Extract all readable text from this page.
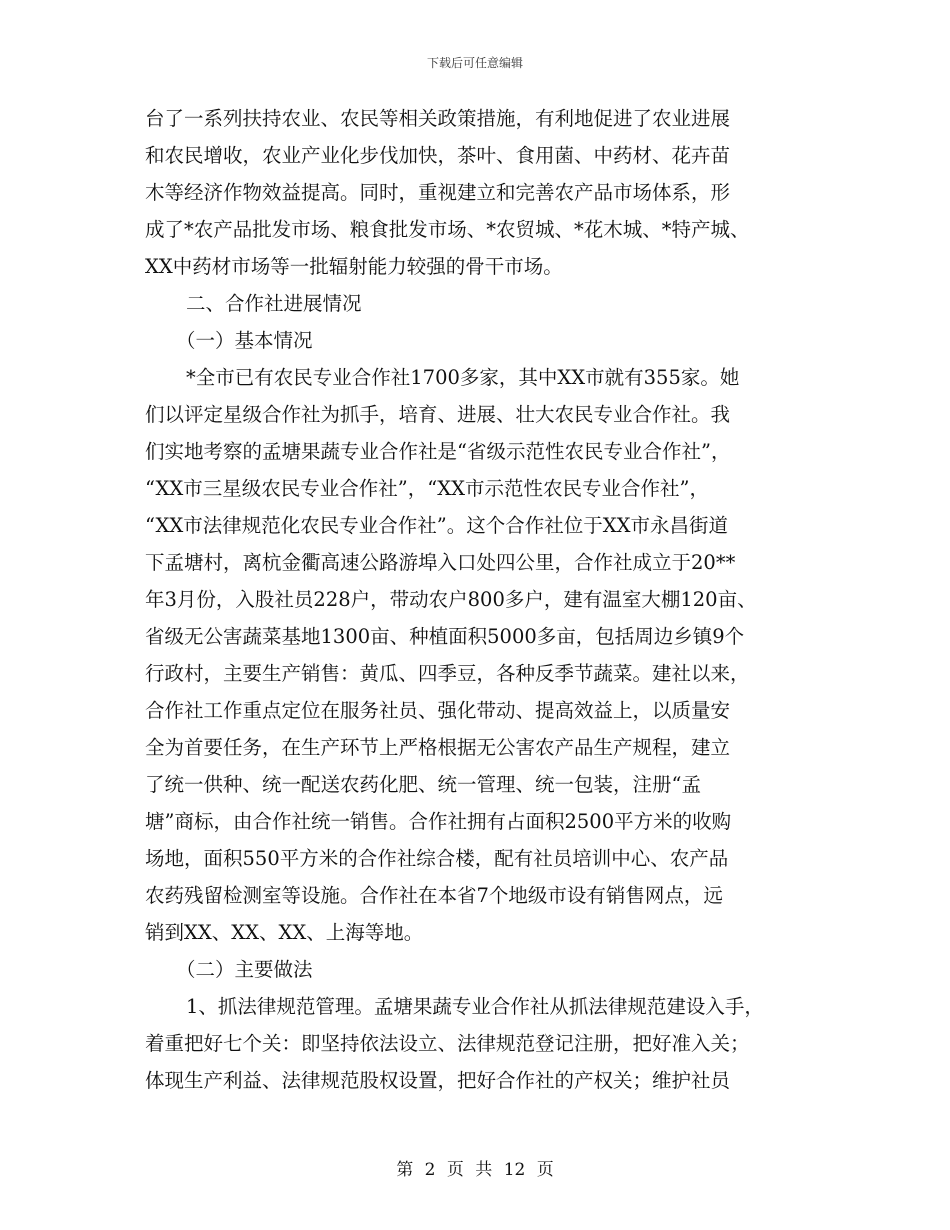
下载后可任意编辑
台了一系列扶持农业、农民等相关政策措施，有利地促进了农业进展
和农民增收，农业产业化步伐加快，茶叶、食用菌、中药材、花卉苗
木等经济作物效益提高。同时，重视建立和完善农产品市场体系，形
成了*农产品批发市场、粮食批发市场、*农贸城、*花木城、*特产城、
XX中药材市场等一批辐射能力较强的骨干市场。
二、合作社进展情况
（一）基本情况
*全市已有农民专业合作社1700多家，其中XX市就有355家。她
们以评定星级合作社为抓手，培育、进展、壮大农民专业合作社。我
们实地考察的孟塘果蔬专业合作社是“省级示范性农民专业合作社”，
“XX市三星级农民专业合作社”，“XX市示范性农民专业合作社”，
“XX市法律规范化农民专业合作社”。这个合作社位于XX市永昌街道
下孟塘村，离杭金衢高速公路游埠入口处四公里，合作社成立于20**
年3月份，入股社员228户，带动农户800多户，建有温室大棚120亩、
省级无公害蔬菜基地1300亩、种植面积5000多亩，包括周边乡镇9个
行政村，主要生产销售：黄瓜、四季豆，各种反季节蔬菜。建社以来，
合作社工作重点定位在服务社员、强化带动、提高效益上，以质量安
全为首要任务，在生产环节上严格根据无公害农产品生产规程，建立
了统一供种、统一配送农药化肥、统一管理、统一包装，注册“孟
塘”商标，由合作社统一销售。合作社拥有占面积2500平方米的收购
场地，面积550平方米的合作社综合楼，配有社员培训中心、农产品
农药残留检测室等设施。合作社在本省7个地级市设有销售网点，远
销到XX、XX、XX、上海等地。
（二）主要做法
1、抓法律规范管理。孟塘果蔬专业合作社从抓法律规范建设入手，
着重把好七个关：即坚持依法设立、法律规范登记注册，把好准入关；
体现生产利益、法律规范股权设置，把好合作社的产权关；维护社员
第 2 页 共 12 页
